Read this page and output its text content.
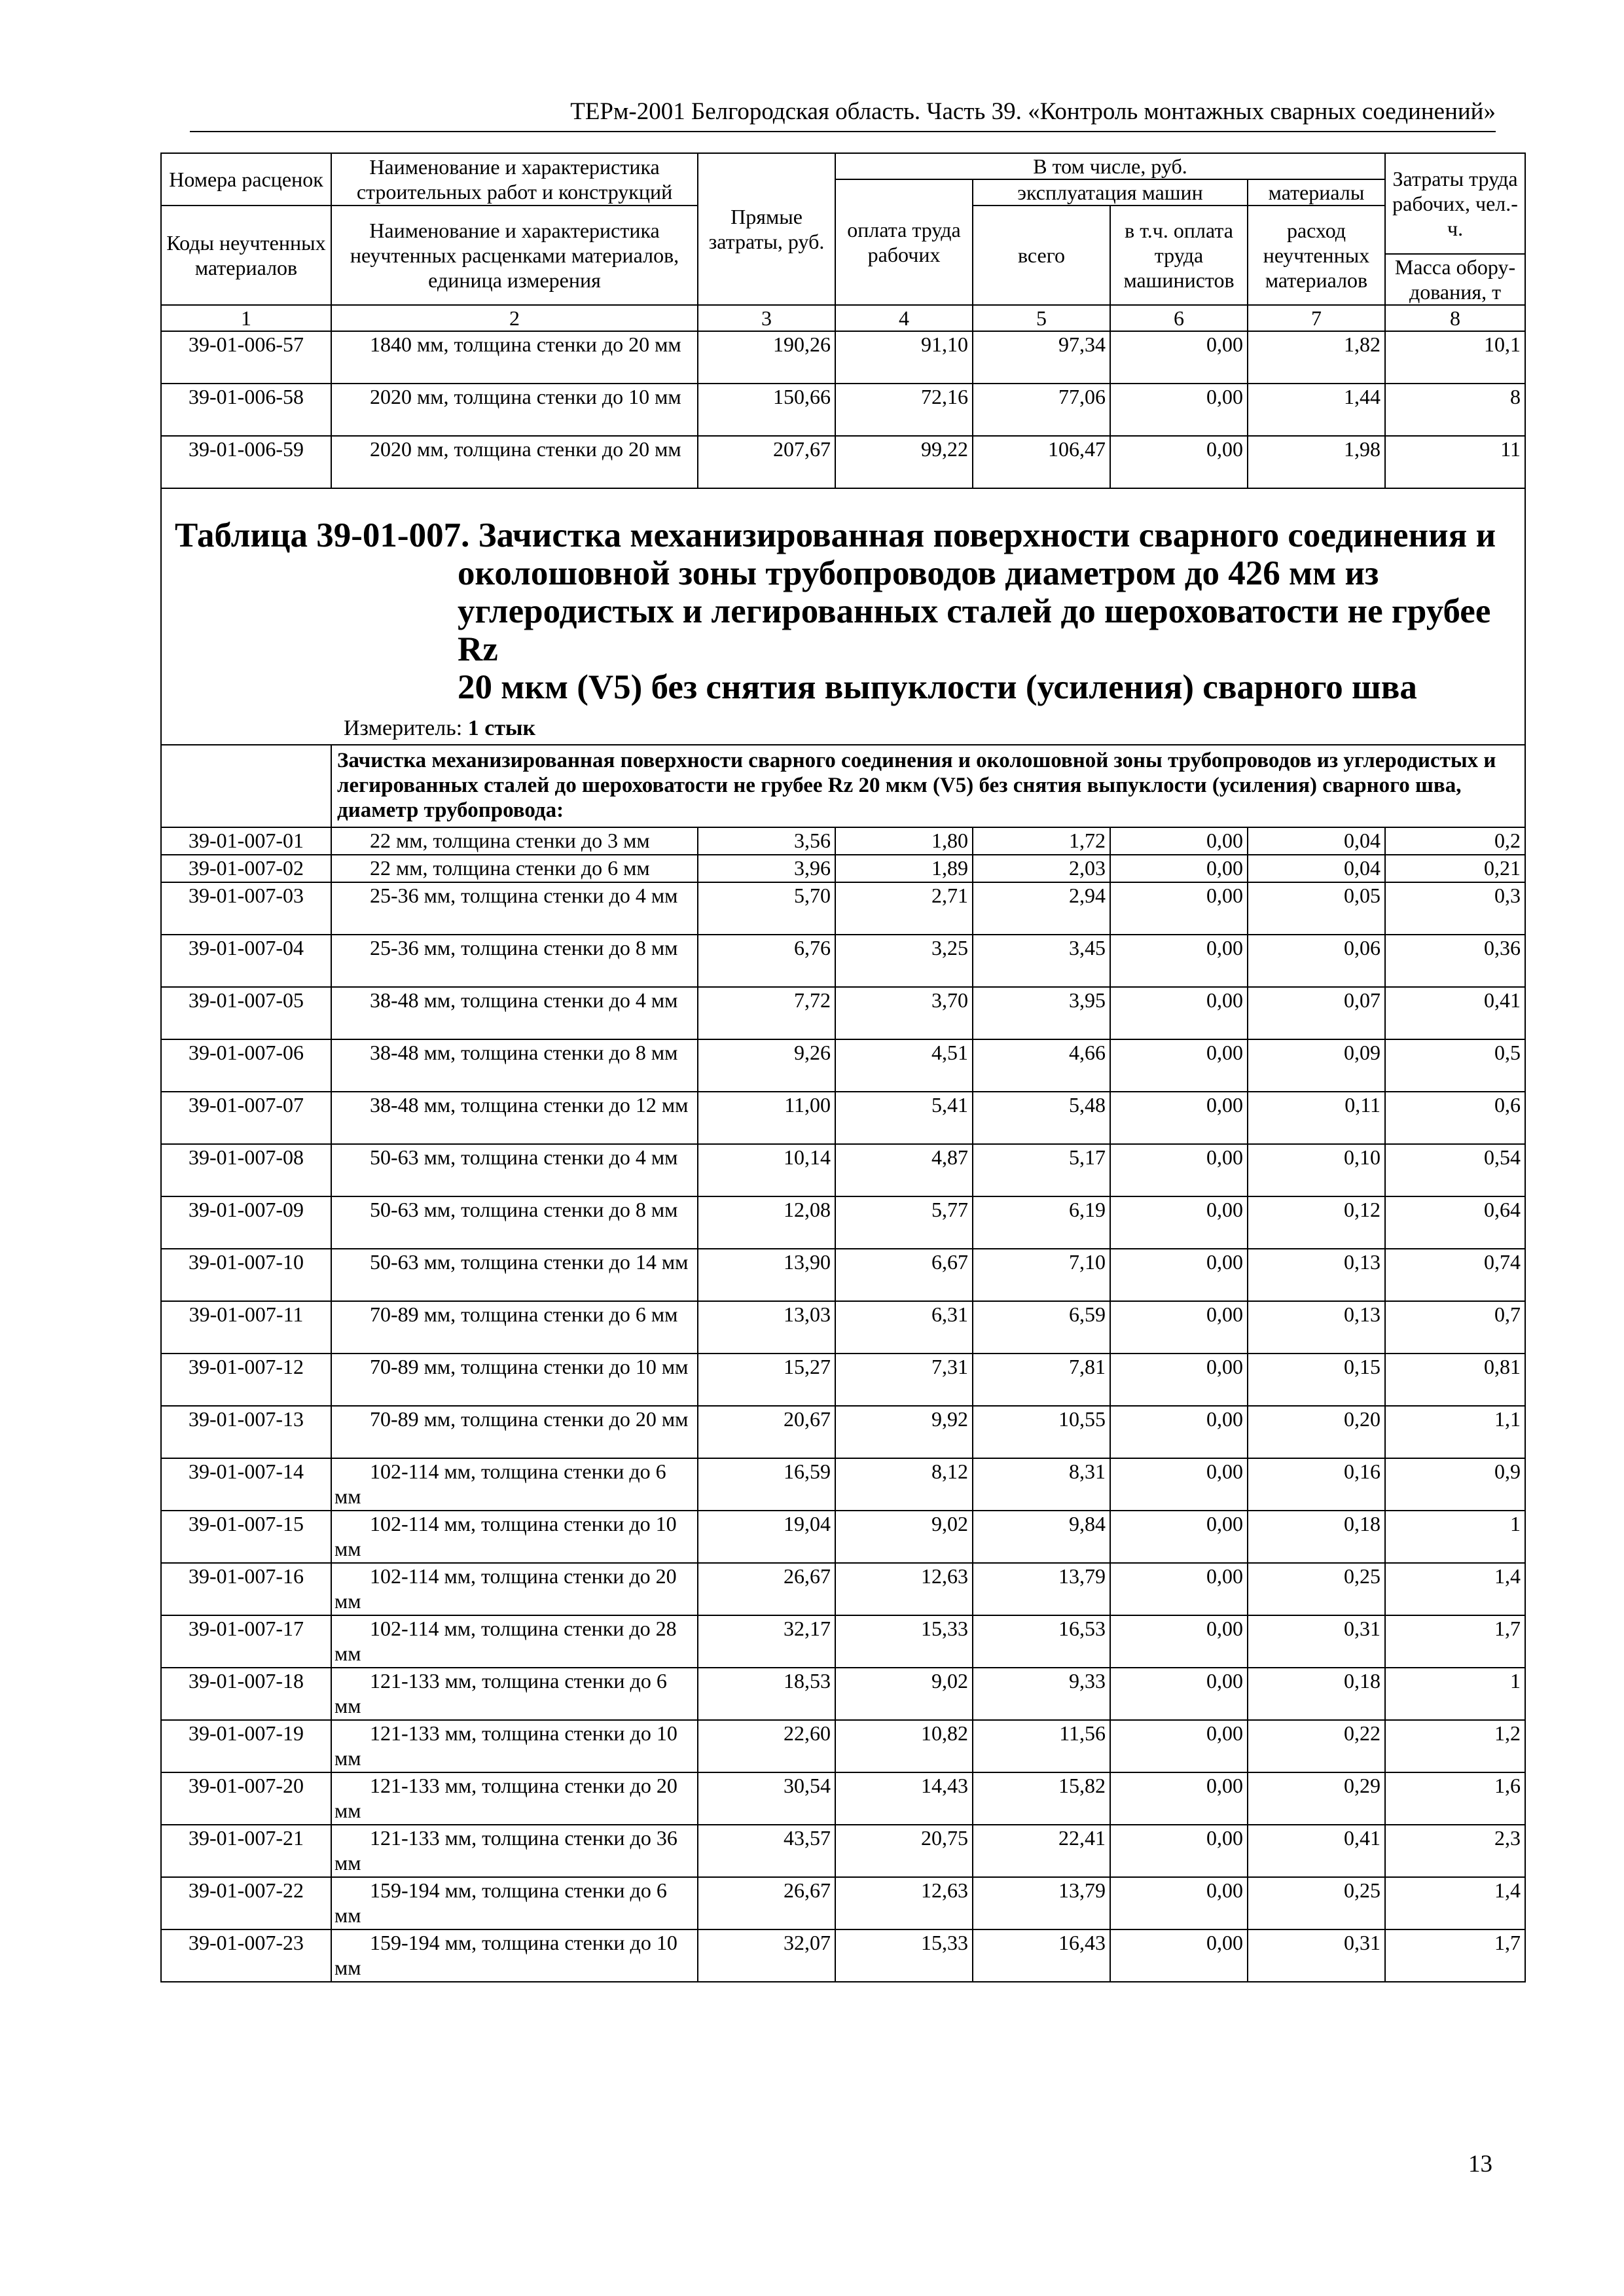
ТЕРм-2001 Белгородская область. Часть 39. «Контроль монтажных сварных соединений»
Номера расценок	Наименование и характеристика строительных работ и конструкций	Прямые затраты, руб.	В том числе, руб.				Затраты труда рабочих, чел.-ч.
			оплата труда рабочих	эксплуатация машин		материалы	
Коды неучтенных материалов	Наименование и характеристика неучтенных расценками материалов, единица измерения			всего	в т.ч. оплата труда машинистов	расход неучтенных материалов	
							Масса обору-дования, т
1	2	3	4	5	6	7	8
39-01-006-57	1840 мм, толщина стенки до 20 мм	190,26	91,10	97,34	0,00	1,82	10,1
39-01-006-58	2020 мм, толщина стенки до 10 мм	150,66	72,16	77,06	0,00	1,44	8
39-01-006-59	2020 мм, толщина стенки до 20 мм	207,67	99,22	106,47	0,00	1,98	11

Таблица 39-01-007. Зачистка механизированная поверхности сварного соединения и
околошовной зоны трубопроводов диаметром до 426 мм из
углеродистых и легированных сталей до шероховатости не грубее Rz
20 мкм (V5) без снятия выпуклости (усиления) сварного шва
Измеритель: 1 стык							

	Зачистка механизированная поверхности сварного соединения и околошовной зоны трубопроводов из углеродистых и легированных сталей до шероховатости не грубее Rz 20 мкм (V5) без снятия выпуклости (усиления) сварного шва, диаметр трубопровода:						
39-01-007-01	22 мм, толщина стенки до 3 мм	3,56	1,80	1,72	0,00	0,04	0,2
39-01-007-02	22 мм, толщина стенки до 6 мм	3,96	1,89	2,03	0,00	0,04	0,21
39-01-007-03	25-36 мм, толщина стенки до 4 мм	5,70	2,71	2,94	0,00	0,05	0,3
39-01-007-04	25-36 мм, толщина стенки до 8 мм	6,76	3,25	3,45	0,00	0,06	0,36
39-01-007-05	38-48 мм, толщина стенки до 4 мм	7,72	3,70	3,95	0,00	0,07	0,41
39-01-007-06	38-48 мм, толщина стенки до 8 мм	9,26	4,51	4,66	0,00	0,09	0,5
39-01-007-07	38-48 мм, толщина стенки до 12 мм	11,00	5,41	5,48	0,00	0,11	0,6
39-01-007-08	50-63 мм, толщина стенки до 4 мм	10,14	4,87	5,17	0,00	0,10	0,54
39-01-007-09	50-63 мм, толщина стенки до 8 мм	12,08	5,77	6,19	0,00	0,12	0,64
39-01-007-10	50-63 мм, толщина стенки до 14 мм	13,90	6,67	7,10	0,00	0,13	0,74
39-01-007-11	70-89 мм, толщина стенки до 6 мм	13,03	6,31	6,59	0,00	0,13	0,7
39-01-007-12	70-89 мм, толщина стенки до 10 мм	15,27	7,31	7,81	0,00	0,15	0,81
39-01-007-13	70-89 мм, толщина стенки до 20 мм	20,67	9,92	10,55	0,00	0,20	1,1
39-01-007-14	102-114 мм, толщина стенки до 6 мм	16,59	8,12	8,31	0,00	0,16	0,9
39-01-007-15	102-114 мм, толщина стенки до 10 мм	19,04	9,02	9,84	0,00	0,18	1
39-01-007-16	102-114 мм, толщина стенки до 20 мм	26,67	12,63	13,79	0,00	0,25	1,4
39-01-007-17	102-114 мм, толщина стенки до 28 мм	32,17	15,33	16,53	0,00	0,31	1,7
39-01-007-18	121-133 мм, толщина стенки до 6 мм	18,53	9,02	9,33	0,00	0,18	1
39-01-007-19	121-133 мм, толщина стенки до 10 мм	22,60	10,82	11,56	0,00	0,22	1,2
39-01-007-20	121-133 мм, толщина стенки до 20 мм	30,54	14,43	15,82	0,00	0,29	1,6
39-01-007-21	121-133 мм, толщина стенки до 36 мм	43,57	20,75	22,41	0,00	0,41	2,3
39-01-007-22	159-194 мм, толщина стенки до 6 мм	26,67	12,63	13,79	0,00	0,25	1,4
39-01-007-23	159-194 мм, толщина стенки до 10 мм	32,07	15,33	16,43	0,00	0,31	1,7
13
